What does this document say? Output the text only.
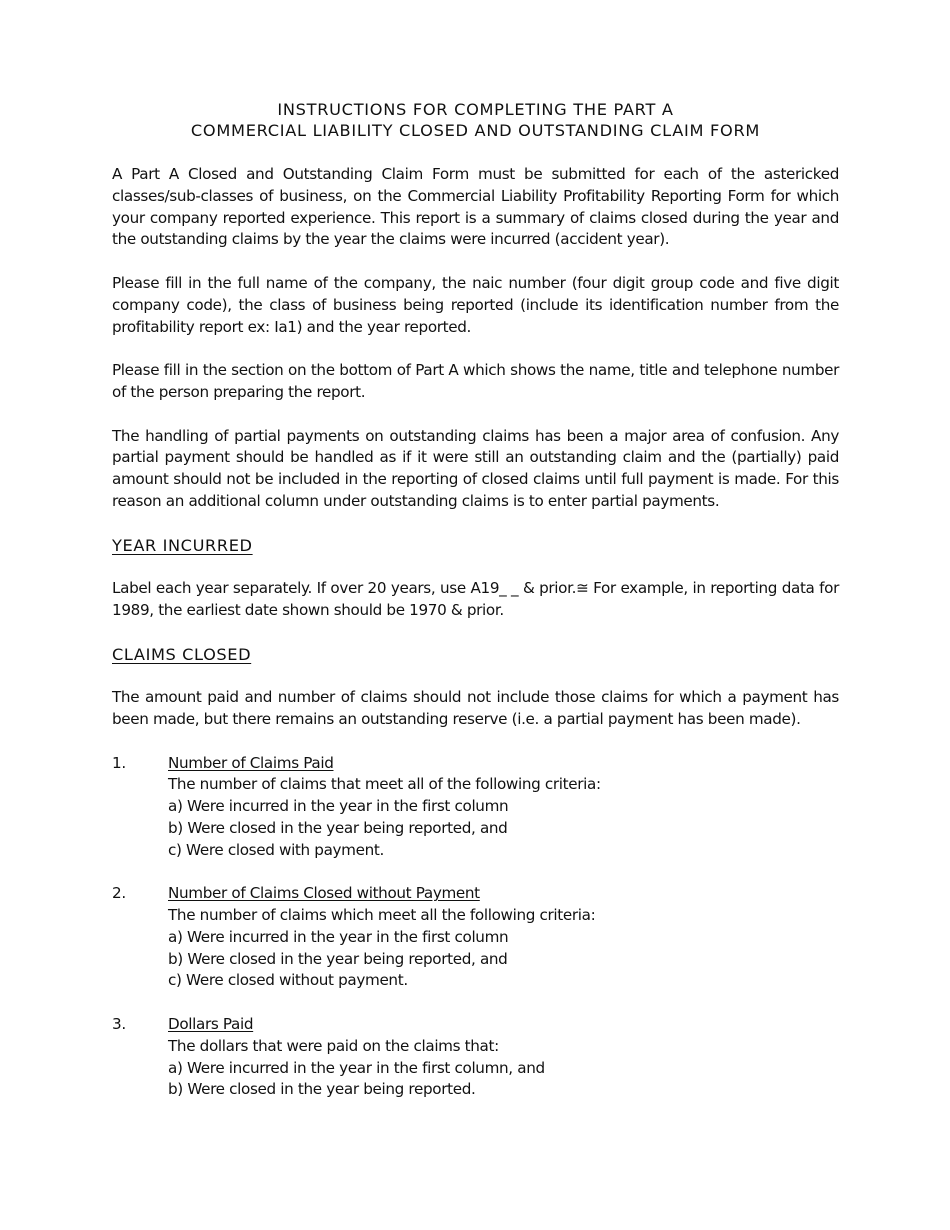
INSTRUCTIONS FOR COMPLETING THE PART A
COMMERCIAL LIABILITY CLOSED AND OUTSTANDING CLAIM FORM

A Part A Closed and Outstanding Claim Form must be submitted for each of the astericked classes/sub-classes of business, on the Commercial Liability Profitability Reporting Form for which your company reported experience. This report is a summary of claims closed during the year and the outstanding claims by the year the claims were incurred (accident year).

Please fill in the full name of the company, the naic number (four digit group code and five digit company code), the class of business being reported (include its identification number from the profitability report ex: Ia1) and the year reported.

Please fill in the section on the bottom of Part A which shows the name, title and telephone number of the person preparing the report.

The handling of partial payments on outstanding claims has been a major area of confusion. Any partial payment should be handled as if it were still an outstanding claim and the (partially) paid amount should not be included in the reporting of closed claims until full payment is made. For this reason an additional column under outstanding claims is to enter partial payments.

YEAR INCURRED

Label each year separately. If over 20 years, use A19_ _ & prior.≅ For example, in reporting data for 1989, the earliest date shown should be 1970 & prior.

CLAIMS CLOSED

The amount paid and number of claims should not include those claims for which a payment has been made, but there remains an outstanding reserve (i.e. a partial payment has been made).

1.	Number of Claims Paid
The number of claims that meet all of the following criteria:
a) Were incurred in the year in the first column
b) Were closed in the year being reported, and
c) Were closed with payment.
2.	Number of Claims Closed without Payment
The number of claims which meet all the following criteria:
a) Were incurred in the year in the first column
b) Were closed in the year being reported, and
c) Were closed without payment.
3.	Dollars Paid
The dollars that were paid on the claims that:
a) Were incurred in the year in the first column, and
b) Were closed in the year being reported.
